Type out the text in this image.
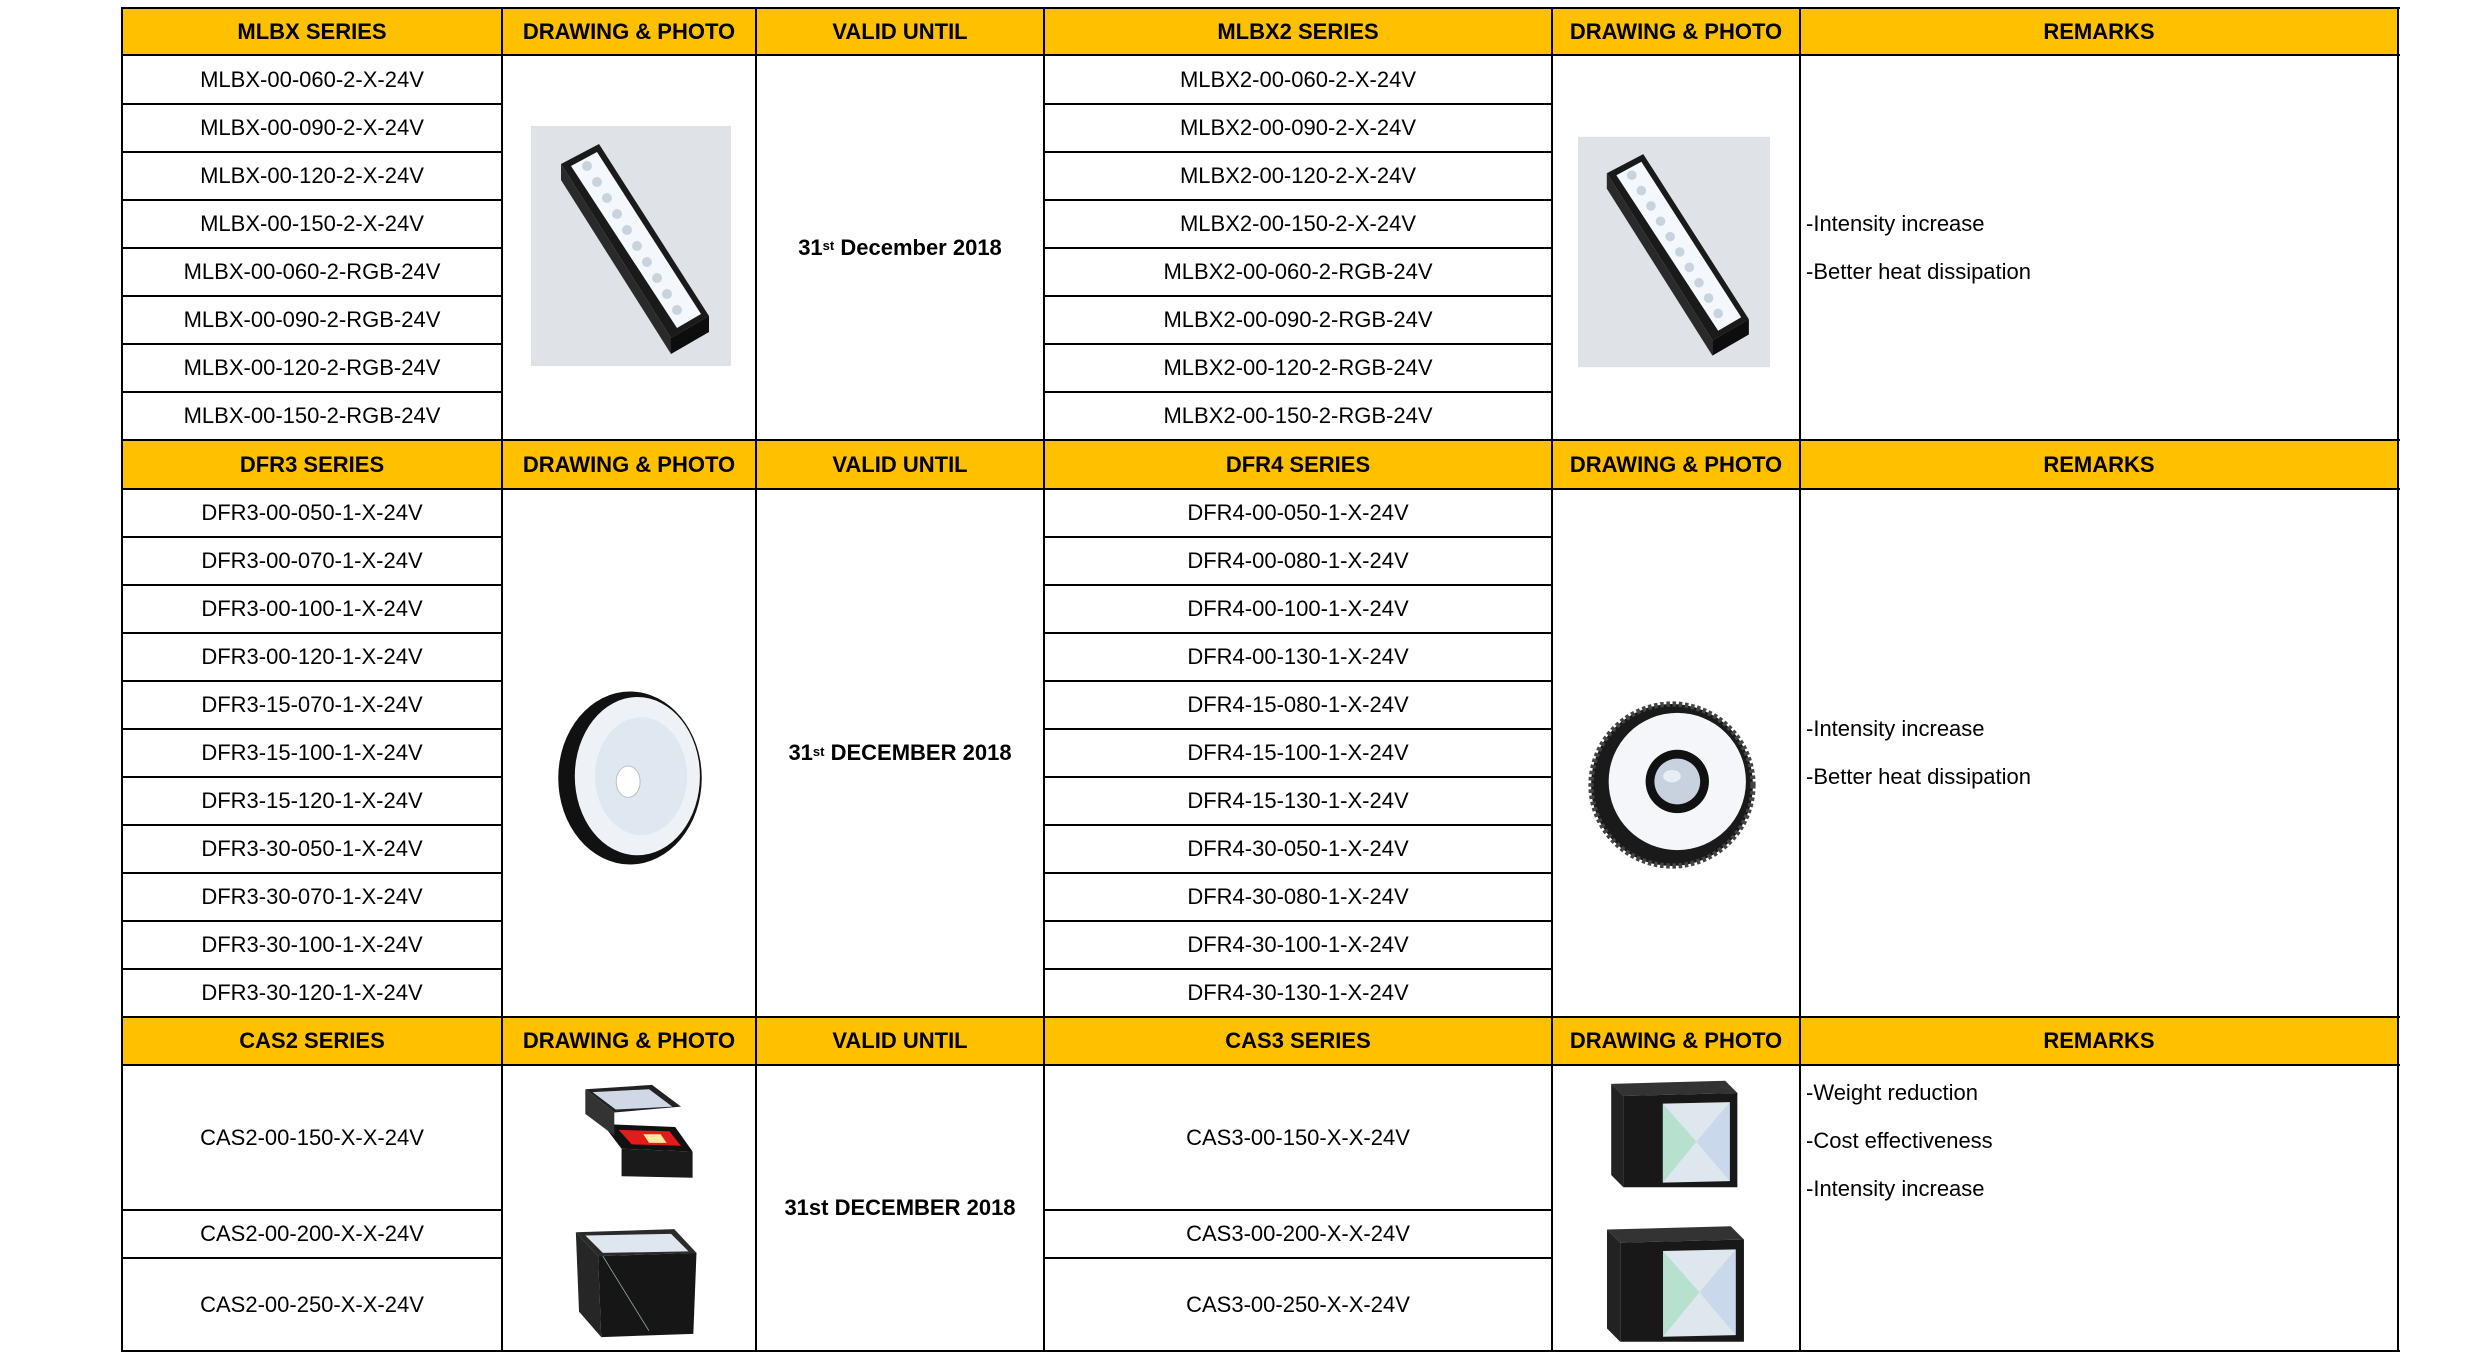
MLBX SERIES	DRAWING & PHOTO	VALID UNTIL	MLBX2 SERIES	DRAWING & PHOTO	REMARKS
MLBX-00-060-2-X-24V	MLBX2-00-060-2-X-24V
MLBX-00-090-2-X-24V	MLBX2-00-090-2-X-24V
MLBX-00-120-2-X-24V	MLBX2-00-120-2-X-24V
MLBX-00-150-2-X-24V	MLBX2-00-150-2-X-24V
MLBX-00-060-2-RGB-24V	MLBX2-00-060-2-RGB-24V
MLBX-00-090-2-RGB-24V	MLBX2-00-090-2-RGB-24V
MLBX-00-120-2-RGB-24V	MLBX2-00-120-2-RGB-24V
MLBX-00-150-2-RGB-24V	MLBX2-00-150-2-RGB-24V
31st December 2018
-Intensity increase
-Better heat dissipation
DFR3 SERIES	DRAWING & PHOTO	VALID UNTIL	DFR4 SERIES	DRAWING & PHOTO	REMARKS
DFR3-00-050-1-X-24V	DFR4-00-050-1-X-24V
DFR3-00-070-1-X-24V	DFR4-00-080-1-X-24V
DFR3-00-100-1-X-24V	DFR4-00-100-1-X-24V
DFR3-00-120-1-X-24V	DFR4-00-130-1-X-24V
DFR3-15-070-1-X-24V	DFR4-15-080-1-X-24V
DFR3-15-100-1-X-24V	DFR4-15-100-1-X-24V
DFR3-15-120-1-X-24V	DFR4-15-130-1-X-24V
DFR3-30-050-1-X-24V	DFR4-30-050-1-X-24V
DFR3-30-070-1-X-24V	DFR4-30-080-1-X-24V
DFR3-30-100-1-X-24V	DFR4-30-100-1-X-24V
DFR3-30-120-1-X-24V	DFR4-30-130-1-X-24V
31st DECEMBER 2018
-Intensity increase
-Better heat dissipation
CAS2 SERIES	DRAWING & PHOTO	VALID UNTIL	CAS3 SERIES	DRAWING & PHOTO	REMARKS
CAS2-00-150-X-X-24V	CAS3-00-150-X-X-24V
CAS2-00-200-X-X-24V	CAS3-00-200-X-X-24V
CAS2-00-250-X-X-24V	CAS3-00-250-X-X-24V
31st DECEMBER 2018
-Weight reduction
-Cost effectiveness
-Intensity increase
